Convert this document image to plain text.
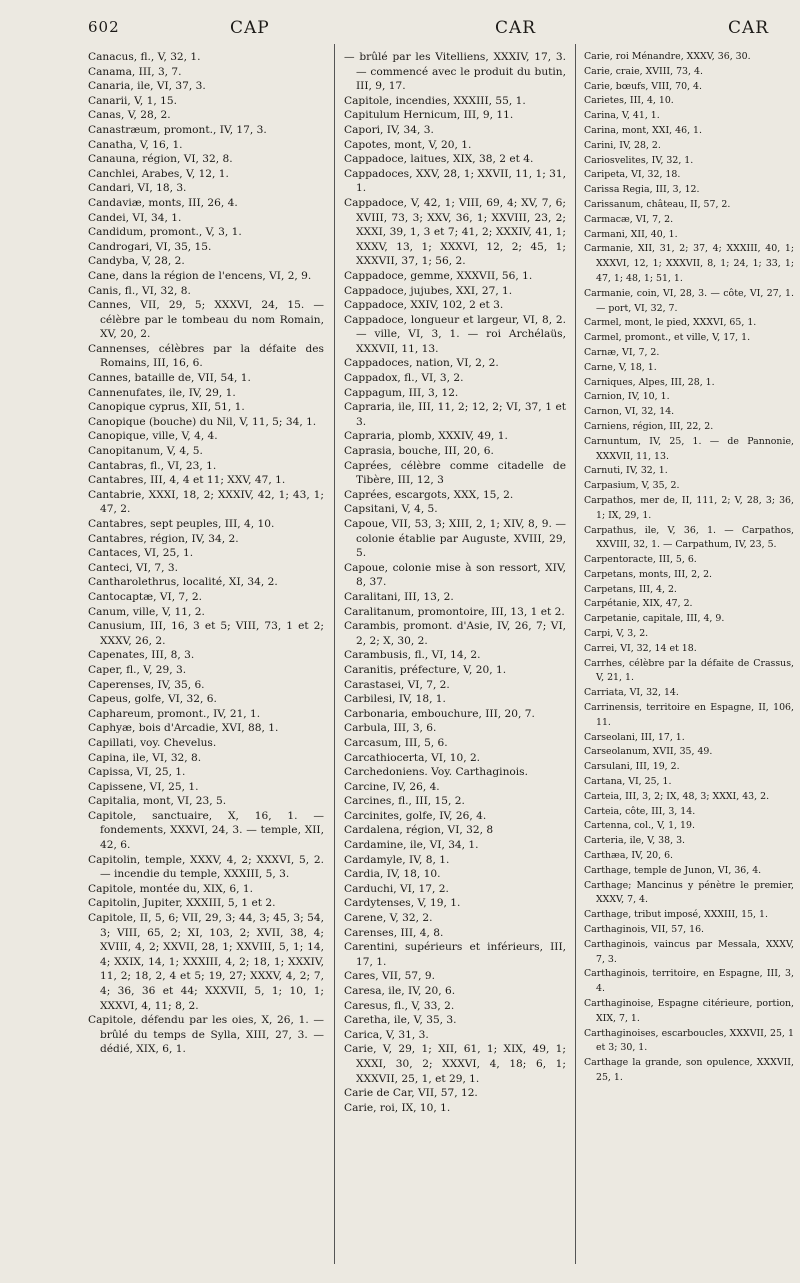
602	CAP	CAR	CAR

Canacus, fl., V, 32, 1.

Canama, III, 3, 7.

Canaria, ile, VI, 37, 3.

Canarii, V, 1, 15.

Canas, V, 28, 2.

Canastræum, promont., IV, 17, 3.

Canatha, V, 16, 1.

Canauna, région, VI, 32, 8.

Canchlei, Arabes, V, 12, 1.

Candari, VI, 18, 3.

Candaviæ, monts, III, 26, 4.

Candei, VI, 34, 1.

Candidum, promont., V, 3, 1.

Candrogari, VI, 35, 15.

Candyba, V, 28, 2.

Cane, dans la région de l'encens, VI, 2, 9.

Canis, fl., VI, 32, 8.

Cannes, VII, 29, 5; XXXVI, 24, 15. — célèbre par le tombeau du nom Romain, XV, 20, 2.

Cannenses, célèbres par la défaite des Romains, III, 16, 6.

Cannes, bataille de, VII, 54, 1.

Cannenufates, ile, IV, 29, 1.

Canopique cyprus, XII, 51, 1.

Canopique (bouche) du Nil, V, 11, 5; 34, 1.

Canopique, ville, V, 4, 4.

Canopitanum, V, 4, 5.

Cantabras, fl., VI, 23, 1.

Cantabres, III, 4, 4 et 11; XXV, 47, 1.

Cantabrie, XXXI, 18, 2; XXXIV, 42, 1; 43, 1; 47, 2.

Cantabres, sept peuples, III, 4, 10.

Cantabres, région, IV, 34, 2.

Cantaces, VI, 25, 1.

Canteci, VI, 7, 3.

Cantharolethrus, localité, XI, 34, 2.

Cantocaptæ, VI, 7, 2.

Canum, ville, V, 11, 2.

Canusium, III, 16, 3 et 5; VIII, 73, 1 et 2; XXXV, 26, 2.

Capenates, III, 8, 3.

Caper, fl., V, 29, 3.

Caperenses, IV, 35, 6.

Capeus, golfe, VI, 32, 6.

Caphareum, promont., IV, 21, 1.

Caphyæ, bois d'Arcadie, XVI, 88, 1.

Capillati, voy. Chevelus.

Capina, ile, VI, 32, 8.

Capissa, VI, 25, 1.

Capissene, VI, 25, 1.

Capitalia, mont, VI, 23, 5.

Capitole, sanctuaire, X, 16, 1. — fondements, XXXVI, 24, 3. — temple, XII, 42, 6.

Capitolin, temple, XXXV, 4, 2; XXXVI, 5, 2. — incendie du temple, XXXIII, 5, 3.

Capitole, montée du, XIX, 6, 1.

Capitolin, Jupiter, XXXIII, 5, 1 et 2.

Capitole, II, 5, 6; VII, 29, 3; 44, 3; 45, 3; 54, 3; VIII, 65, 2; XI, 103, 2; XVII, 38, 4; XVIII, 4, 2; XXVII, 28, 1; XXVIII, 5, 1; 14, 4; XXIX, 14, 1; XXXIII, 4, 2; 18, 1; XXXIV, 11, 2; 18, 2, 4 et 5; 19, 27; XXXV, 4, 2; 7, 4; 36, 36 et 44; XXXVII, 5, 1; 10, 1; XXXVI, 4, 11; 8, 2.

Capitole, défendu par les oies, X, 26, 1. — brûlé du temps de Sylla, XIII, 27, 3. — dédié, XIX, 6, 1.

— brûlé par les Vitelliens, XXXIV, 17, 3. — commencé avec le produit du butin, III, 9, 17.

Capitole, incendies, XXXIII, 55, 1.

Capitulum Hernicum, III, 9, 11.

Capori, IV, 34, 3.

Capotes, mont, V, 20, 1.

Cappadoce, laitues, XIX, 38, 2 et 4.

Cappadoces, XXV, 28, 1; XXVII, 11, 1; 31, 1.

Cappadoce, V, 42, 1; VIII, 69, 4; XV, 7, 6; XVIII, 73, 3; XXV, 36, 1; XXVIII, 23, 2; XXXI, 39, 1, 3 et 7; 41, 2; XXXIV, 41, 1; XXXV, 13, 1; XXXVI, 12, 2; 45, 1; XXXVII, 37, 1; 56, 2.

Cappadoce, gemme, XXXVII, 56, 1.

Cappadoce, jujubes, XXI, 27, 1.

Cappadoce, XXIV, 102, 2 et 3.

Cappadoce, longueur et largeur, VI, 8, 2. — ville, VI, 3, 1. — roi Archélaüs, XXXVII, 11, 13.

Cappadoces, nation, VI, 2, 2.

Cappadox, fl., VI, 3, 2.

Cappagum, III, 3, 12.

Capraria, ile, III, 11, 2; 12, 2; VI, 37, 1 et 3.

Capraria, plomb, XXXIV, 49, 1.

Caprasia, bouche, III, 20, 6.

Caprées, célèbre comme citadelle de Tibère, III, 12, 3

Caprées, escargots, XXX, 15, 2.

Capsitani, V, 4, 5.

Capoue, VII, 53, 3; XIII, 2, 1; XIV, 8, 9. — colonie établie par Auguste, XVIII, 29, 5.

Capoue, colonie mise à son ressort, XIV, 8, 37.

Caralitani, III, 13, 2.

Caralitanum, promontoire, III, 13, 1 et 2.

Carambis, promont. d'Asie, IV, 26, 7; VI, 2, 2; X, 30, 2.

Carambusis, fl., VI, 14, 2.

Caranitis, préfecture, V, 20, 1.

Carastasei, VI, 7, 2.

Carbilesi, IV, 18, 1.

Carbonaria, embouchure, III, 20, 7.

Carbula, III, 3, 6.

Carcasum, III, 5, 6.

Carcathiocerta, VI, 10, 2.

Carchedoniens. Voy. Carthaginois.

Carcine, IV, 26, 4.

Carcines, fl., III, 15, 2.

Carcinites, golfe, IV, 26, 4.

Cardalena, région, VI, 32, 8

Cardamine, ile, VI, 34, 1.

Cardamyle, IV, 8, 1.

Cardia, IV, 18, 10.

Carduchi, VI, 17, 2.

Cardytenses, V, 19, 1.

Carene, V, 32, 2.

Carenses, III, 4, 8.

Carentini, supérieurs et inférieurs, III, 17, 1.

Cares, VII, 57, 9.

Caresa, ile, IV, 20, 6.

Caresus, fl., V, 33, 2.

Caretha, ile, V, 35, 3.

Carica, V, 31, 3.

Carie, V, 29, 1; XII, 61, 1; XIX, 49, 1; XXXI, 30, 2; XXXVI, 4, 18; 6, 1; XXXVII, 25, 1, et 29, 1.

Carie de Car, VII, 57, 12.

Carie, roi, IX, 10, 1.

Carie, roi Ménandre, XXXV, 36, 30.

Carie, craie, XVIII, 73, 4.

Carie, bœufs, VIII, 70, 4.

Carietes, III, 4, 10.

Carina, V, 41, 1.

Carina, mont, XXI, 46, 1.

Carini, IV, 28, 2.

Cariosvelites, IV, 32, 1.

Caripeta, VI, 32, 18.

Carissa Regia, III, 3, 12.

Carissanum, château, II, 57, 2.

Carmacæ, VI, 7, 2.

Carmani, XII, 40, 1.

Carmanie, XII, 31, 2; 37, 4; XXXIII, 40, 1; XXXVI, 12, 1; XXXVII, 8, 1; 24, 1; 33, 1; 47, 1; 48, 1; 51, 1.

Carmanie, coin, VI, 28, 3. — côte, VI, 27, 1. — port, VI, 32, 7.

Carmel, mont, le pied, XXXVI, 65, 1.

Carmel, promont., et ville, V, 17, 1.

Carnæ, VI, 7, 2.

Carne, V, 18, 1.

Carniques, Alpes, III, 28, 1.

Carnion, IV, 10, 1.

Carnon, VI, 32, 14.

Carniens, région, III, 22, 2.

Carnuntum, IV, 25, 1. — de Pannonie, XXXVII, 11, 13.

Carnuti, IV, 32, 1.

Carpasium, V, 35, 2.

Carpathos, mer de, II, 111, 2; V, 28, 3; 36, 1; IX, 29, 1.

Carpathus, ile, V, 36, 1. — Carpathos, XXVIII, 32, 1. — Carpathum, IV, 23, 5.

Carpentoracte, III, 5, 6.

Carpetans, monts, III, 2, 2.

Carpetans, III, 4, 2.

Carpétanie, XIX, 47, 2.

Carpetanie, capitale, III, 4, 9.

Carpi, V, 3, 2.

Carrei, VI, 32, 14 et 18.

Carrhes, célèbre par la défaite de Crassus, V, 21, 1.

Carriata, VI, 32, 14.

Carrinensis, territoire en Espagne, II, 106, 11.

Carseolani, III, 17, 1.

Carseolanum, XVII, 35, 49.

Carsulani, III, 19, 2.

Cartana, VI, 25, 1.

Carteia, III, 3, 2; IX, 48, 3; XXXI, 43, 2.

Carteia, côte, III, 3, 14.

Cartenna, col., V, 1, 19.

Carteria, ile, V, 38, 3.

Carthæa, IV, 20, 6.

Carthage, temple de Junon, VI, 36, 4.

Carthage; Mancinus y pénètre le premier, XXXV, 7, 4.

Carthage, tribut imposé, XXXIII, 15, 1.

Carthaginois, VII, 57, 16.

Carthaginois, vaincus par Messala, XXXV, 7, 3.

Carthaginois, territoire, en Espagne, III, 3, 4.

Carthaginoise, Espagne citérieure, portion, XIX, 7, 1.

Carthaginoises, escarboucles, XXXVII, 25, 1 et 3; 30, 1.

Carthage la grande, son opulence, XXXVII, 25, 1.
